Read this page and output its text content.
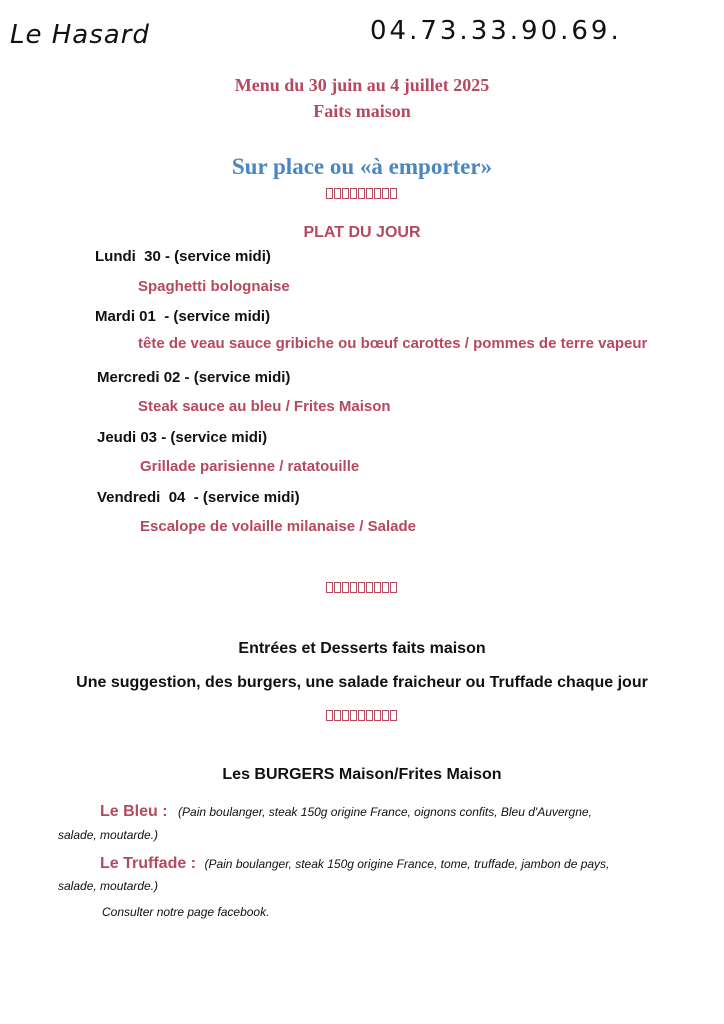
Le Hasard	04.73.33.90.69.
Menu du 30 juin au 4 juillet 2025
Faits maison
Sur place ou «à emporter»
PLAT DU JOUR
Lundi  30 - (service midi)
Spaghetti bolognaise
Mardi 01  - (service midi)
tête de veau sauce gribiche ou bœuf carottes / pommes de terre vapeur
Mercredi 02 - (service midi)
Steak sauce au bleu / Frites Maison
Jeudi 03 - (service midi)
Grillade parisienne / ratatouille
Vendredi  04  - (service midi)
Escalope de volaille milanaise / Salade
Entrées et Desserts faits maison
Une suggestion, des burgers, une salade fraicheur ou Truffade chaque jour
Les BURGERS Maison/Frites Maison
Le Bleu : (Pain boulanger, steak 150g origine France, oignons confits, Bleu d'Auvergne,
salade, moutarde.)
Le Truffade : (Pain boulanger, steak 150g origine France, tome, truffade, jambon de pays,
salade, moutarde.)
Consulter notre page facebook.
